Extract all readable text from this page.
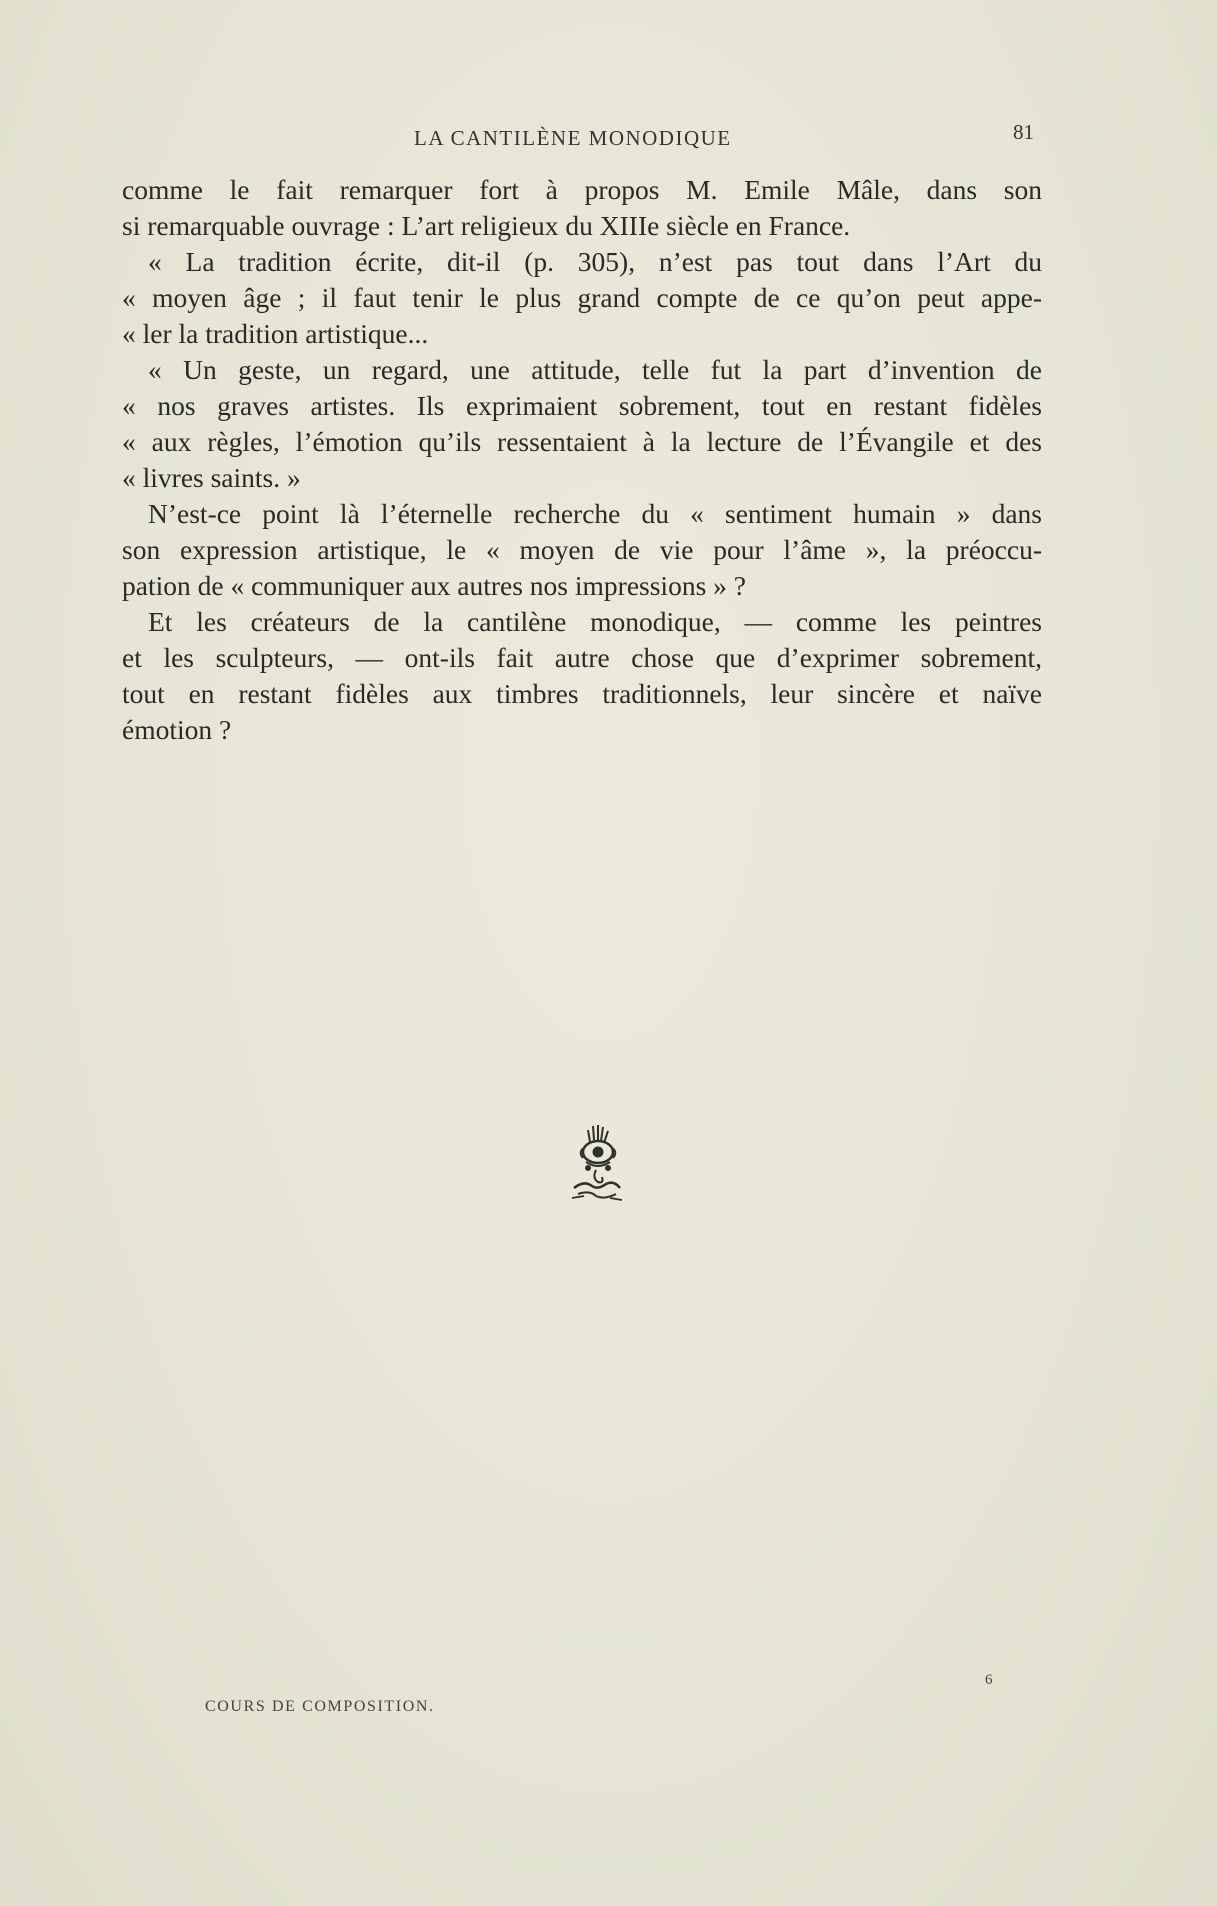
LA CANTILÈNE MONODIQUE	81
comme le fait remarquer fort à propos M. Emile Mâle, dans son
si remarquable ouvrage : L’art religieux du XIIIe siècle en France.
« La tradition écrite, dit-il (p. 305), n’est pas tout dans l’Art du
« moyen âge ; il faut tenir le plus grand compte de ce qu’on peut appe-
« ler la tradition artistique...
« Un geste, un regard, une attitude, telle fut la part d’invention de
« nos graves artistes. Ils exprimaient sobrement, tout en restant fidèles
« aux règles, l’émotion qu’ils ressentaient à la lecture de l’Évangile et des
« livres saints. »
N’est-ce point là l’éternelle recherche du « sentiment humain » dans
son expression artistique, le « moyen de vie pour l’âme », la préoccu-
pation de « communiquer aux autres nos impressions » ?
Et les créateurs de la cantilène monodique, — comme les peintres
et les sculpteurs, — ont-ils fait autre chose que d’exprimer sobrement,
tout en restant fidèles aux timbres traditionnels, leur sincère et naïve
émotion ?
COURS DE COMPOSITION.
6
